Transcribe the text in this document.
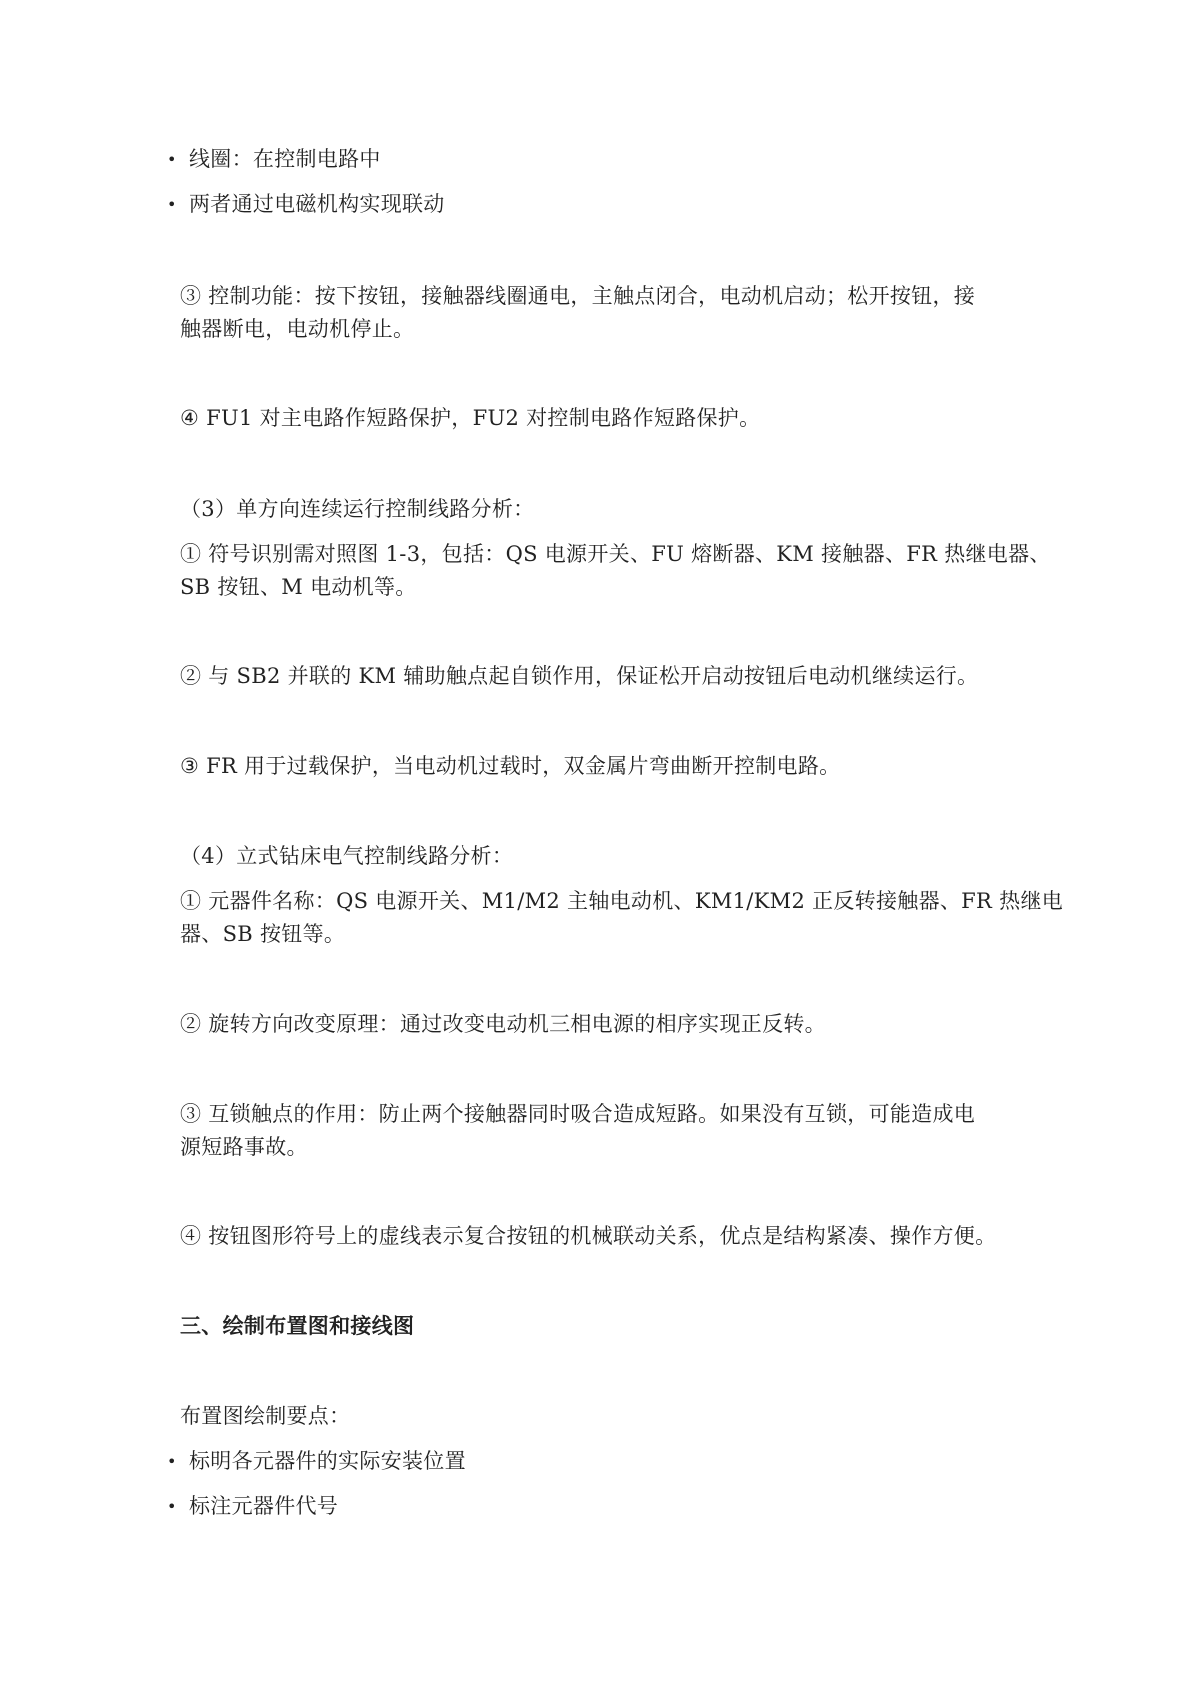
• 线圈：在控制电路中
• 两者通过电磁机构实现联动
③ 控制功能：按下按钮，接触器线圈通电，主触点闭合，电动机启动；松开按钮，接
触器断电，电动机停止。
④ FU1 对主电路作短路保护，FU2 对控制电路作短路保护。
（3）单方向连续运行控制线路分析：
① 符号识别需对照图 1-3，包括：QS 电源开关、FU 熔断器、KM 接触器、FR 热继电器、
SB 按钮、M 电动机等。
② 与 SB2 并联的 KM 辅助触点起自锁作用，保证松开启动按钮后电动机继续运行。
③ FR 用于过载保护，当电动机过载时，双金属片弯曲断开控制电路。
（4）立式钻床电气控制线路分析：
① 元器件名称：QS 电源开关、M1/M2 主轴电动机、KM1/KM2 正反转接触器、FR 热继电
器、SB 按钮等。
② 旋转方向改变原理：通过改变电动机三相电源的相序实现正反转。
③ 互锁触点的作用：防止两个接触器同时吸合造成短路。如果没有互锁，可能造成电
源短路事故。
④ 按钮图形符号上的虚线表示复合按钮的机械联动关系，优点是结构紧凑、操作方便。
三、绘制布置图和接线图
布置图绘制要点：
• 标明各元器件的实际安装位置
• 标注元器件代号
